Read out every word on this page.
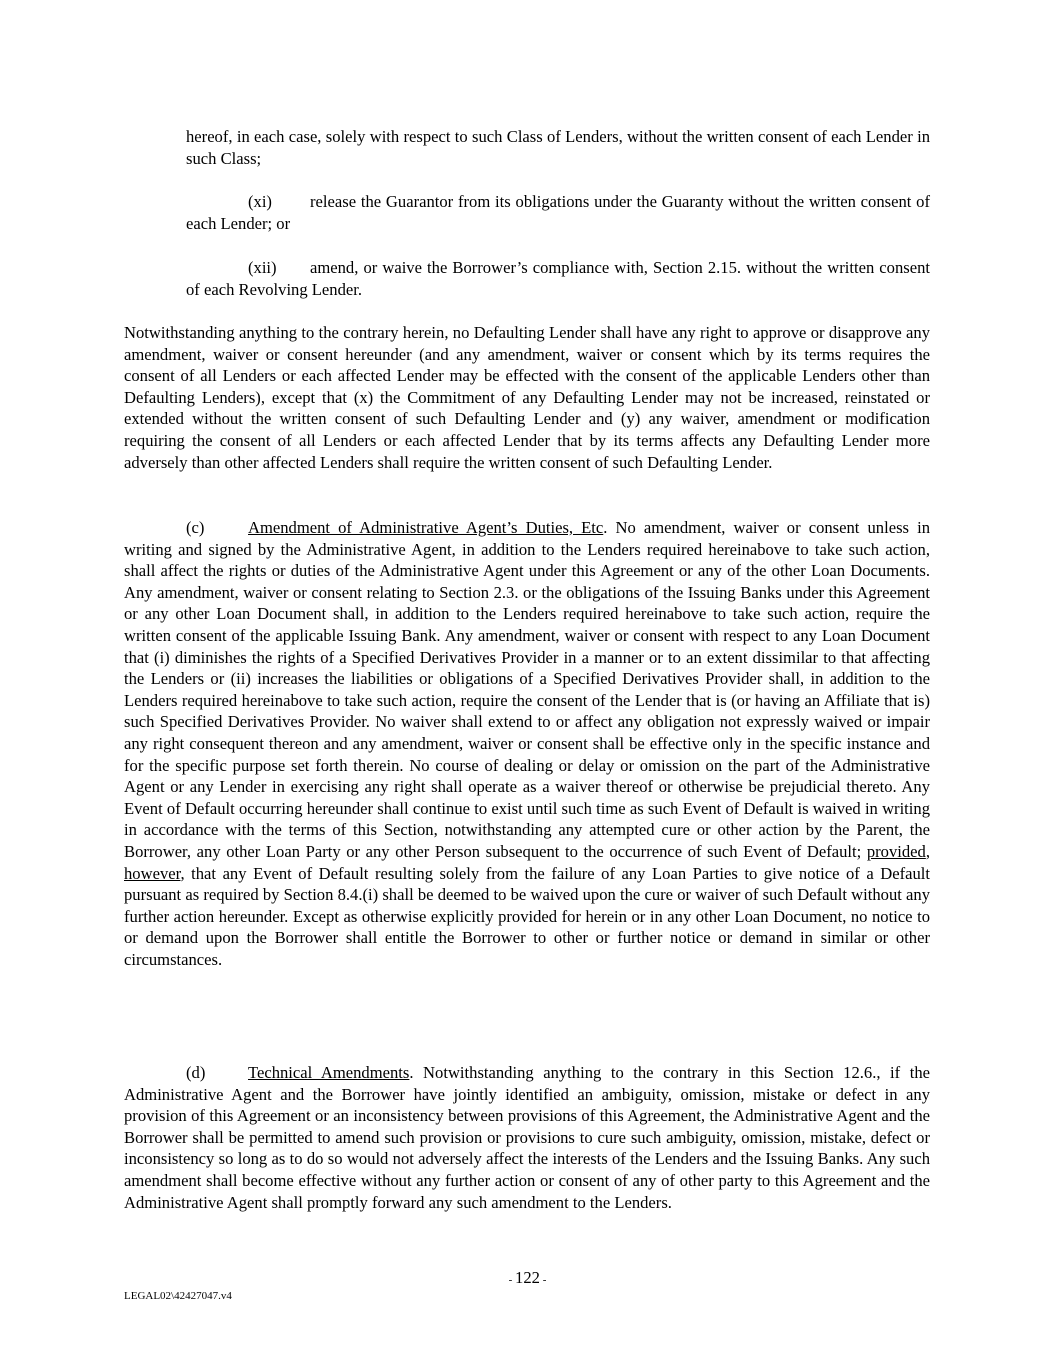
hereof, in each case, solely with respect to such Class of Lenders, without the written consent of each Lender in such Class;

(xi) release the Guarantor from its obligations under the Guaranty without the written consent of each Lender; or

(xii) amend, or waive the Borrower’s compliance with, Section 2.15. without the written consent of each Revolving Lender.

Notwithstanding anything to the contrary herein, no Defaulting Lender shall have any right to approve or disapprove any amendment, waiver or consent hereunder (and any amendment, waiver or consent which by its terms requires the consent of all Lenders or each affected Lender may be effected with the consent of the applicable Lenders other than Defaulting Lenders), except that (x) the Commitment of any Defaulting Lender may not be increased, reinstated or extended without the written consent of such Defaulting Lender and (y) any waiver, amendment or modification requiring the consent of all Lenders or each affected Lender that by its terms affects any Defaulting Lender more adversely than other affected Lenders shall require the written consent of such Defaulting Lender.

(c)	Amendment of Administrative Agent’s Duties, Etc. No amendment, waiver or consent unless in writing and signed by the Administrative Agent, in addition to the Lenders required hereinabove to take such action, shall affect the rights or duties of the Administrative Agent under this Agreement or any of the other Loan Documents. Any amendment, waiver or consent relating to Section 2.3. or the obligations of the Issuing Banks under this Agreement or any other Loan Document shall, in addition to the Lenders required hereinabove to take such action, require the written consent of the applicable Issuing Bank. Any amendment, waiver or consent with respect to any Loan Document that (i) diminishes the rights of a Specified Derivatives Provider in a manner or to an extent dissimilar to that affecting the Lenders or (ii) increases the liabilities or obligations of a Specified Derivatives Provider shall, in addition to the Lenders required hereinabove to take such action, require the consent of the Lender that is (or having an Affiliate that is) such Specified Derivatives Provider. No waiver shall extend to or affect any obligation not expressly waived or impair any right consequent thereon and any amendment, waiver or consent shall be effective only in the specific instance and for the specific purpose set forth therein. No course of dealing or delay or omission on the part of the Administrative Agent or any Lender in exercising any right shall operate as a waiver thereof or otherwise be prejudicial thereto. Any Event of Default occurring hereunder shall continue to exist until such time as such Event of Default is waived in writing in accordance with the terms of this Section, notwithstanding any attempted cure or other action by the Parent, the Borrower, any other Loan Party or any other Person subsequent to the occurrence of such Event of Default; provided, however, that any Event of Default resulting solely from the failure of any Loan Parties to give notice of a Default pursuant as required by Section 8.4.(i) shall be deemed to be waived upon the cure or waiver of such Default without any further action hereunder. Except as otherwise explicitly provided for herein or in any other Loan Document, no notice to or demand upon the Borrower shall entitle the Borrower to other or further notice or demand in similar or other circumstances.

(d)	Technical Amendments. Notwithstanding anything to the contrary in this Section 12.6., if the Administrative Agent and the Borrower have jointly identified an ambiguity, omission, mistake or defect in any provision of this Agreement or an inconsistency between provisions of this Agreement, the Administrative Agent and the Borrower shall be permitted to amend such provision or provisions to cure such ambiguity, omission, mistake, defect or inconsistency so long as to do so would not adversely affect the interests of the Lenders and the Issuing Banks. Any such amendment shall become effective without any further action or consent of any of other party to this Agreement and the Administrative Agent shall promptly forward any such amendment to the Lenders.

- 122 -
LEGAL02\42427047.v4
